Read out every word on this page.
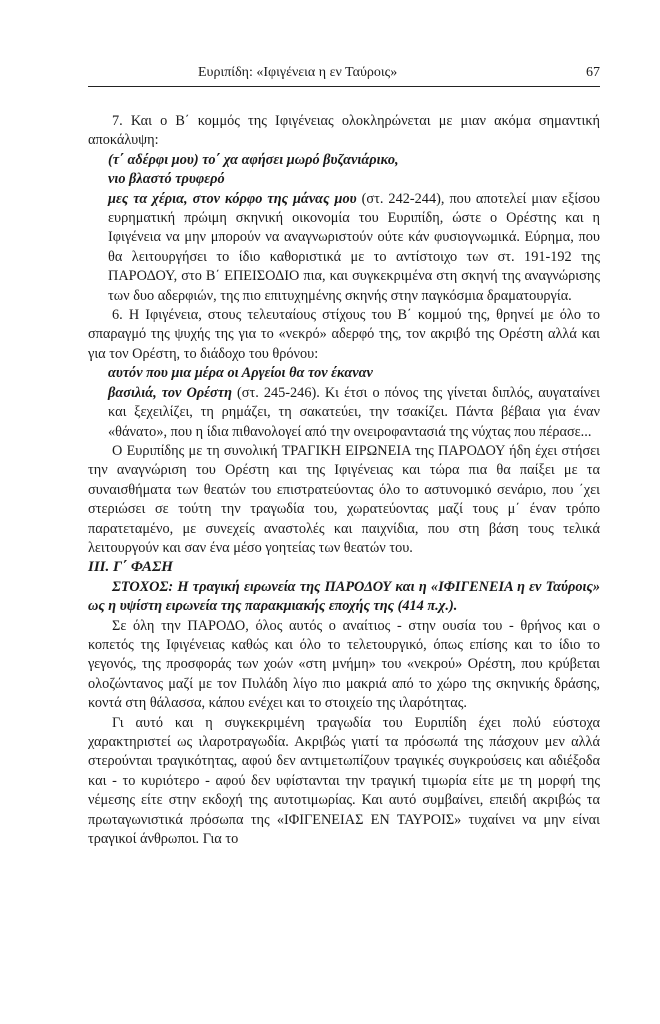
Ευριπίδη: «Ιφιγένεια η εν Ταύροις»	67

7. Και ο Β΄ κομμός της Ιφιγένειας ολοκληρώνεται με μιαν ακόμα σημαντική αποκάλυψη:

(τ΄ αδέρφι μου) το΄ χα αφήσει μωρό βυζανιάρικο,

νιο βλαστό τρυφερό

μες τα χέρια, στον κόρφο της μάνας μου (στ. 242-244), που αποτελεί μιαν εξίσου ευρηματική πρώιμη σκηνική οικονομία του Ευριπίδη, ώστε ο Ορέστης και η Ιφιγένεια να μην μπορούν να αναγνωριστούν ούτε κάν φυσιογνωμικά. Εύρημα, που θα λειτουργήσει το ίδιο καθοριστικά με το αντίστοιχο των στ. 191-192 της ΠΑΡΟΔΟΥ, στο Β΄ ΕΠΕΙΣΟΔΙΟ πια, και συγκεκριμένα στη σκηνή της αναγνώρισης των δυο αδερφιών, της πιο επιτυχημένης σκηνής στην παγκόσμια δραματουργία.

6. Η Ιφιγένεια, στους τελευταίους στίχους του Β΄ κομμού της, θρηνεί με όλο το σπαραγμό της ψυχής της για το «νεκρό» αδερφό της, τον ακριβό της Ορέστη αλλά και για τον Ορέστη, το διάδοχο του θρόνου:

αυτόν που μια μέρα οι Αργείοι θα τον έκαναν

βασιλιά, τον Ορέστη (στ. 245-246). Κι έτσι ο πόνος της γίνεται διπλός, αυγαταίνει και ξεχειλίζει, τη ρημάζει, τη σακατεύει, την τσακίζει. Πάντα βέβαια για έναν «θάνατο», που η ίδια πιθανολογεί από την ονειροφαντασιά της νύχτας που πέρασε...

Ο Ευριπίδης με τη συνολική ΤΡΑΓΙΚΗ ΕΙΡΩΝΕΙΑ της ΠΑΡΟΔΟΥ ήδη έχει στήσει την αναγνώριση του Ορέστη και της Ιφιγένειας και τώρα πια θα παίξει με τα συναισθήματα των θεατών του επιστρατεύοντας όλο το αστυνομικό σενάριο, που ΄χει στεριώσει σε τούτη την τραγωδία του, χωρατεύοντας μαζί τους μ΄ έναν τρόπο παρατεταμένο, με συνεχείς αναστολές και παιχνίδια, που στη βάση τους τελικά λειτουργούν και σαν ένα μέσο γοητείας των θεατών του.

ΙΙΙ. Γ΄ ΦΑΣΗ

ΣΤΟΧΟΣ: Η τραγική ειρωνεία της ΠΑΡΟΔΟΥ και η «ΙΦΙΓΕΝΕΙΑ η εν Ταύροις» ως η υψίστη ειρωνεία της παρακμιακής εποχής της (414 π.χ.).

Σε όλη την ΠΑΡΟΔΟ, όλος αυτός ο αναίτιος - στην ουσία του - θρήνος και ο κοπετός της Ιφιγένειας καθώς και όλο το τελετουργικό, όπως επίσης και το ίδιο το γεγονός, της προσφοράς των χοών «στη μνήμη» του «νεκρού» Ορέστη, που κρύβεται ολοζώντανος μαζί με τον Πυλάδη λίγο πιο μακριά από το χώρο της σκηνικής δράσης, κοντά στη θάλασσα, κάπου ενέχει και το στοιχείο της ιλαρότητας.

Γι αυτό και η συγκεκριμένη τραγωδία του Ευριπίδη έχει πολύ εύστοχα χαρακτηριστεί ως ιλαροτραγωδία. Ακριβώς γιατί τα πρόσωπά της πάσχουν μεν αλλά στερούνται τραγικότητας, αφού δεν αντιμετωπίζουν τραγικές συγκρούσεις και αδιέξοδα και - το κυριότερο - αφού δεν υφίστανται την τραγική τιμωρία είτε με τη μορφή της νέμεσης είτε στην εκδοχή της αυτοτιμωρίας. Και αυτό συμβαίνει, επειδή ακριβώς τα πρωταγωνιστικά πρόσωπα της «ΙΦΙΓΕΝΕΙΑΣ ΕΝ ΤΑΥΡΟΙΣ» τυχαίνει να μην είναι τραγικοί άνθρωποι. Για το
